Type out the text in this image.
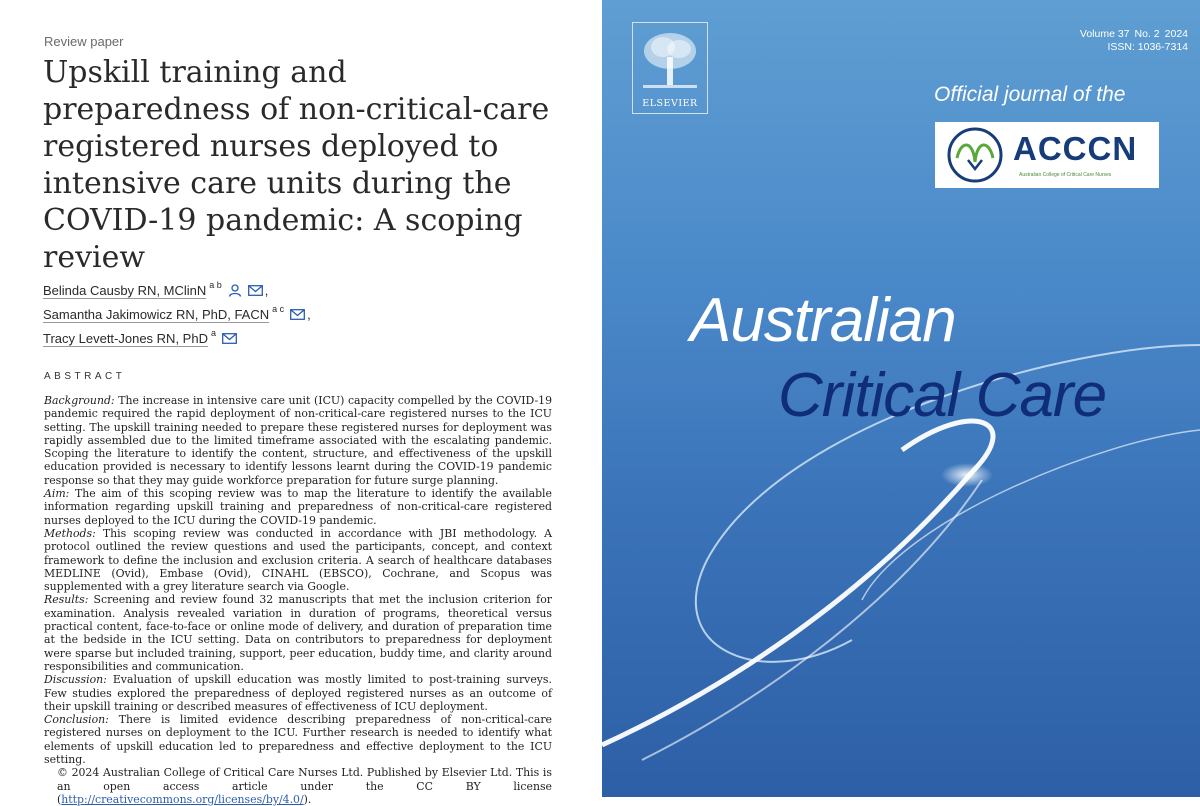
Review paper
Upskill training and preparedness of non-critical-care registered nurses deployed to intensive care units during the COVID-19 pandemic: A scoping review
Belinda Causby RN, MClinN $^{a b}$	,
Samantha Jakimowicz RN, PhD, FACN $^{a c}$ ,
Tracy Levett-Jones RN, PhD $^a$
ABSTRACT

Background: The increase in intensive care unit (ICU) capacity compelled by the COVID-19 pandemic required the rapid deployment of non-critical-care registered nurses to the ICU setting. The upskill training needed to prepare these registered nurses for deployment was rapidly assembled due to the limited timeframe associated with the escalating pandemic. Scoping the literature to identify the content, structure, and effectiveness of the upskill education provided is necessary to identify lessons learnt during the COVID-19 pandemic response so that they may guide workforce preparation for future surge planning.

Aim: The aim of this scoping review was to map the literature to identify the available information regarding upskill training and preparedness of non-critical-care registered nurses deployed to the ICU during the COVID-19 pandemic.

Methods: This scoping review was conducted in accordance with JBI methodology. A protocol outlined the review questions and used the participants, concept, and context framework to define the inclusion and exclusion criteria. A search of healthcare databases MEDLINE (Ovid), Embase (Ovid), CINAHL (EBSCO), Cochrane, and Scopus was supplemented with a grey literature search via Google.

Results: Screening and review found 32 manuscripts that met the inclusion criterion for examination. Analysis revealed variation in duration of programs, theoretical versus practical content, face-to-face or online mode of delivery, and duration of preparation time at the bedside in the ICU setting. Data on contributors to preparedness for deployment were sparse but included training, support, peer education, buddy time, and clarity around responsibilities and communication.

Discussion: Evaluation of upskill education was mostly limited to post-training surveys. Few studies explored the preparedness of deployed registered nurses as an outcome of their upskill training or described measures of effectiveness of ICU deployment.

Conclusion: There is limited evidence describing preparedness of non-critical-care registered nurses on deployment to the ICU. Further research is needed to identify what elements of upskill education led to preparedness and effective deployment to the ICU setting.

© 2024 Australian College of Critical Care Nurses Ltd. Published by Elsevier Ltd. This is an open access article under the CC BY license (http://creativecommons.org/licenses/by/4.0/).

ELSEVIER
Volume 37 No. 2 2024
ISSN: 1036-7314
Official journal of the
ACCCN
Australian College of Critical Care Nurses
Australian
Critical Care
